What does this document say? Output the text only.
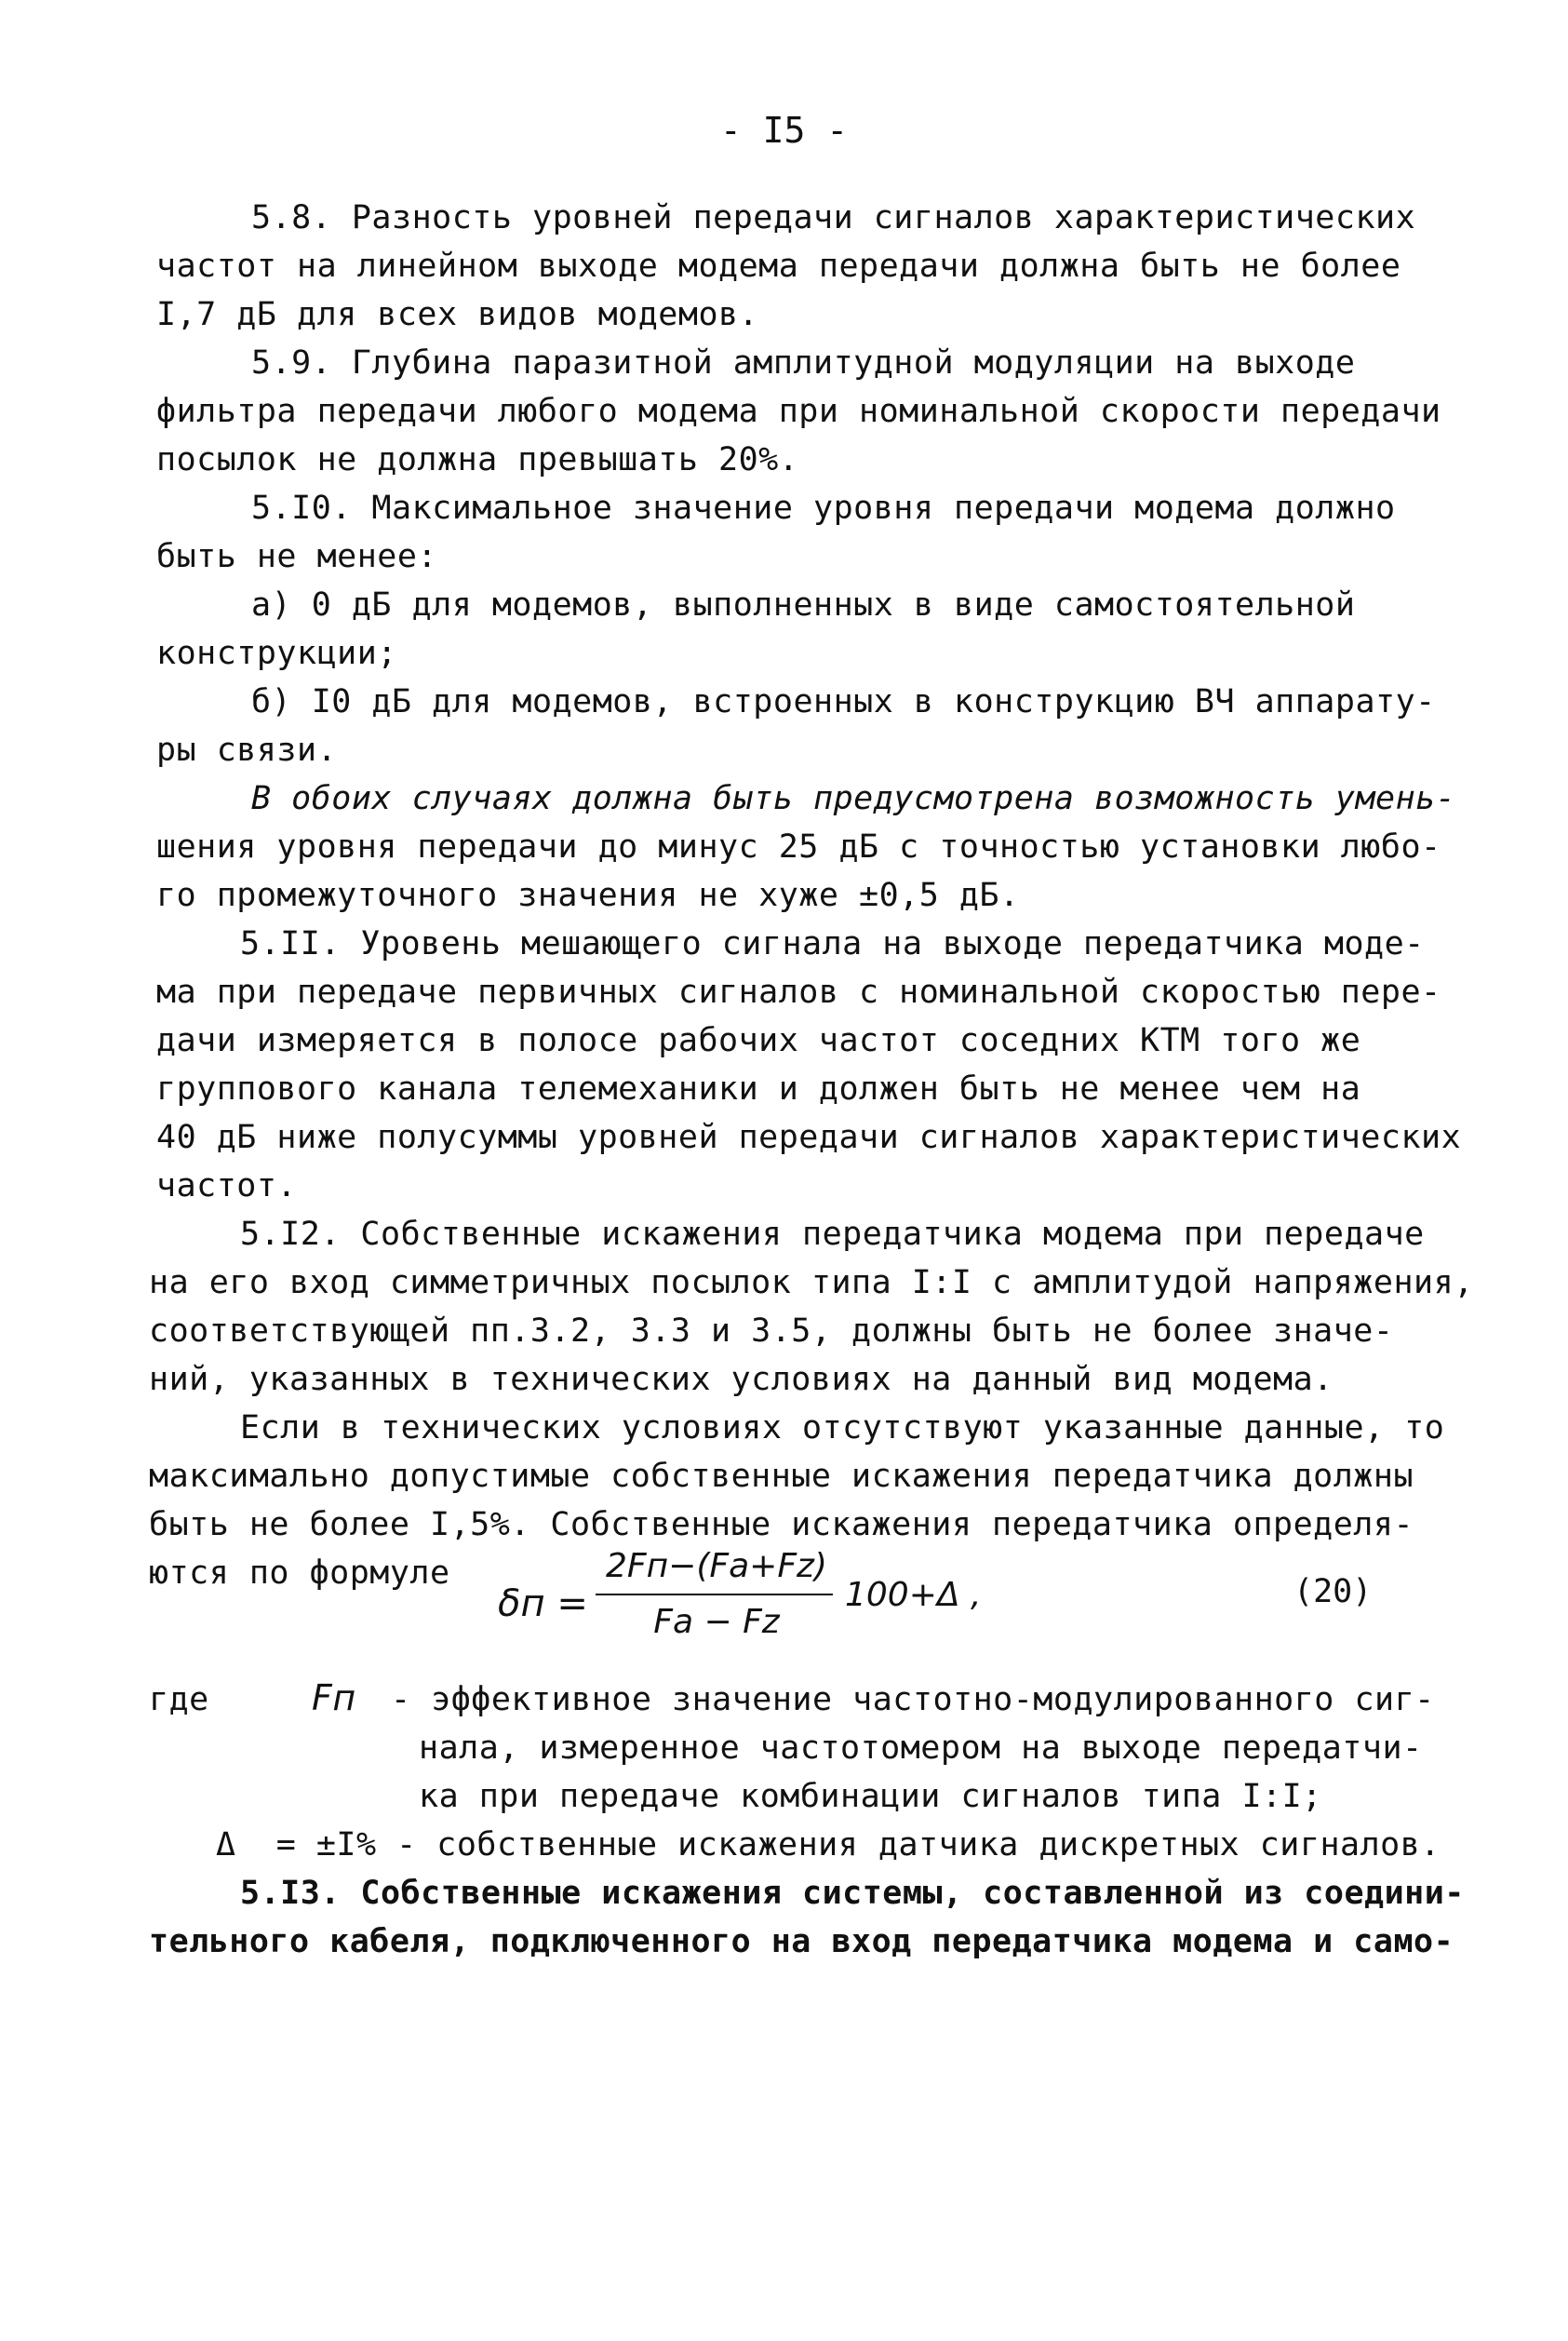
- I5 -
5.8. Разность уровней передачи сигналов характеристических
частот на линейном выходе модема передачи должна быть не более
I,7 дБ для всех видов модемов.
5.9. Глубина паразитной амплитудной модуляции на выходе
фильтра передачи любого модема при номинальной скорости передачи
посылок не должна превышать 20%.
5.I0. Максимальное значение уровня передачи модема должно
быть не менее:
а) 0 дБ для модемов, выполненных в виде самостоятельной
конструкции;
б) I0 дБ для модемов, встроенных в конструкцию ВЧ аппарату-
ры связи.
В обоих случаях должна быть предусмотрена возможность умень-
шения уровня передачи до минус 25 дБ с точностью установки любо-
го промежуточного значения не хуже ±0,5 дБ.
5.II. Уровень мешающего сигнала на выходе передатчика моде-
ма при передаче первичных сигналов с номинальной скоростью пере-
дачи измеряется в полосе рабочих частот соседних КТМ того же
группового канала телемеханики и должен быть не менее чем на
40 дБ ниже полусуммы уровней передачи сигналов характеристических
частот.
5.I2. Собственные искажения передатчика модема при передаче
на его вход симметричных посылок типа I:I с амплитудой напряжения,
соответствующей пп.3.2, 3.3 и 3.5, должны быть не более значе-
ний, указанных в технических условиях на данный вид модема.
Если в технических условиях отсутствуют указанные данные, то
максимально допустимые собственные искажения передатчика должны
быть не более I,5%. Собственные искажения передатчика определя-
ются по формуле
δп =
2Fп−(Fа+Fz)
Fа − Fz
100+Δ ,	(20)
где	Fп - эффективное значение частотно-модулированного сиг-
нала, измеренное частотомером на выходе передатчи-
ка при передаче комбинации сигналов типа I:I;
Δ  = ±I% - собственные искажения датчика дискретных сигналов.
5.I3. Собственные искажения системы, составленной из соедини-
тельного кабеля, подключенного на вход передатчика модема и само-
